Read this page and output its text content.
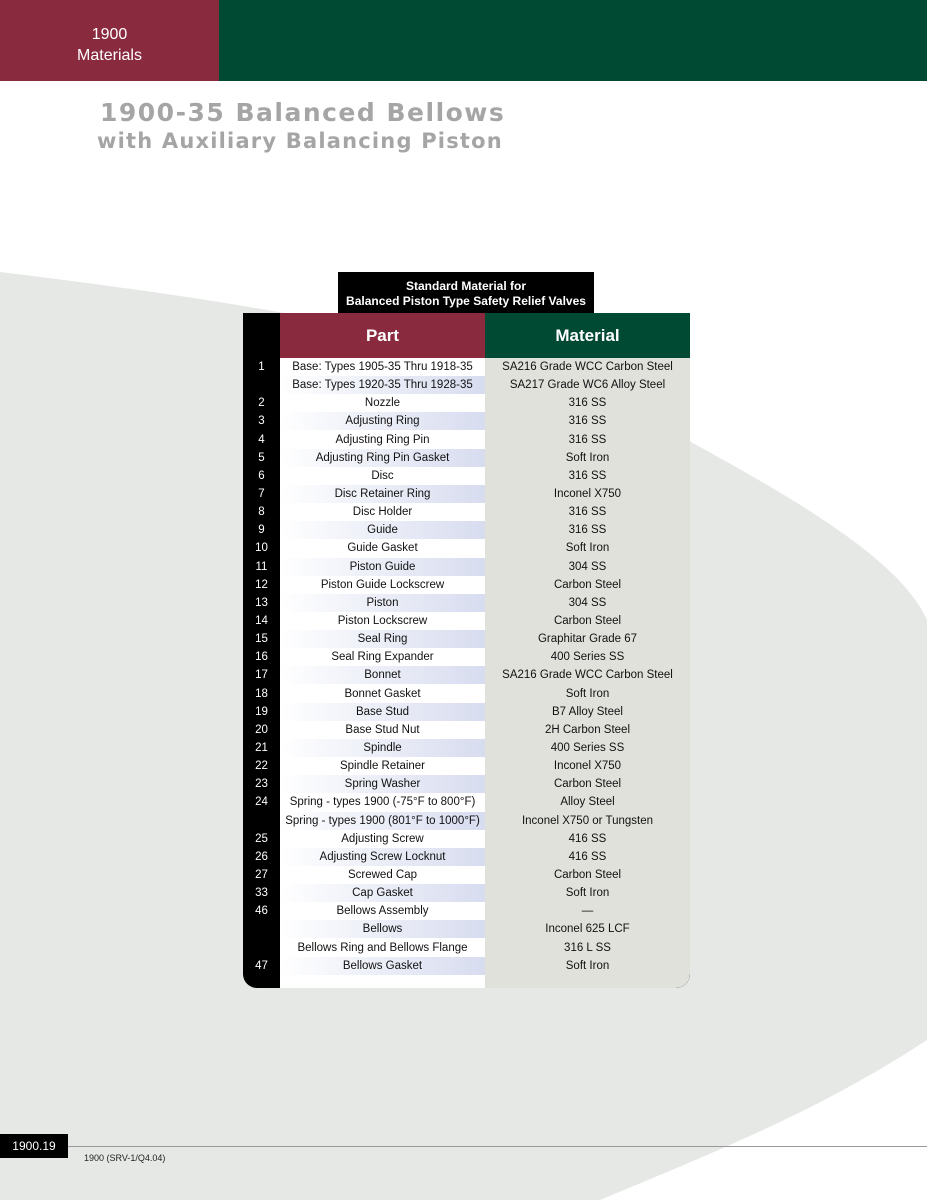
1900
Materials
1900-35 Balanced Bellows
with Auxiliary Balancing Piston
Standard Material for
Balanced Piston Type Safety Relief Valves
Part	Material
1	Base: Types 1905-35 Thru 1918-35	SA216 Grade WCC Carbon Steel
Base: Types 1920-35 Thru 1928-35	SA217 Grade WC6 Alloy Steel
2	Nozzle	316 SS
3	Adjusting Ring	316 SS
4	Adjusting Ring Pin	316 SS
5	Adjusting Ring Pin Gasket	Soft Iron
6	Disc	316 SS
7	Disc Retainer Ring	Inconel X750
8	Disc Holder	316 SS
9	Guide	316 SS
10	Guide Gasket	Soft Iron
11	Piston Guide	304 SS
12	Piston Guide Lockscrew	Carbon Steel
13	Piston	304 SS
14	Piston Lockscrew	Carbon Steel
15	Seal Ring	Graphitar Grade 67
16	Seal Ring Expander	400 Series SS
17	Bonnet	SA216 Grade WCC Carbon Steel
18	Bonnet Gasket	Soft Iron
19	Base Stud	B7 Alloy Steel
20	Base Stud Nut	2H Carbon Steel
21	Spindle	400 Series SS
22	Spindle Retainer	Inconel X750
23	Spring Washer	Carbon Steel
24	Spring - types 1900 (-75°F to 800°F)	Alloy Steel
Spring - types 1900 (801°F to 1000°F)	Inconel X750 or Tungsten
25	Adjusting Screw	416 SS
26	Adjusting Screw Locknut	416 SS
27	Screwed Cap	Carbon Steel
33	Cap Gasket	Soft Iron
46	Bellows Assembly	—
Bellows	Inconel 625 LCF
Bellows Ring and Bellows Flange	316 L SS
47	Bellows Gasket	Soft Iron
1900.19
1900 (SRV-1/Q4.04)
